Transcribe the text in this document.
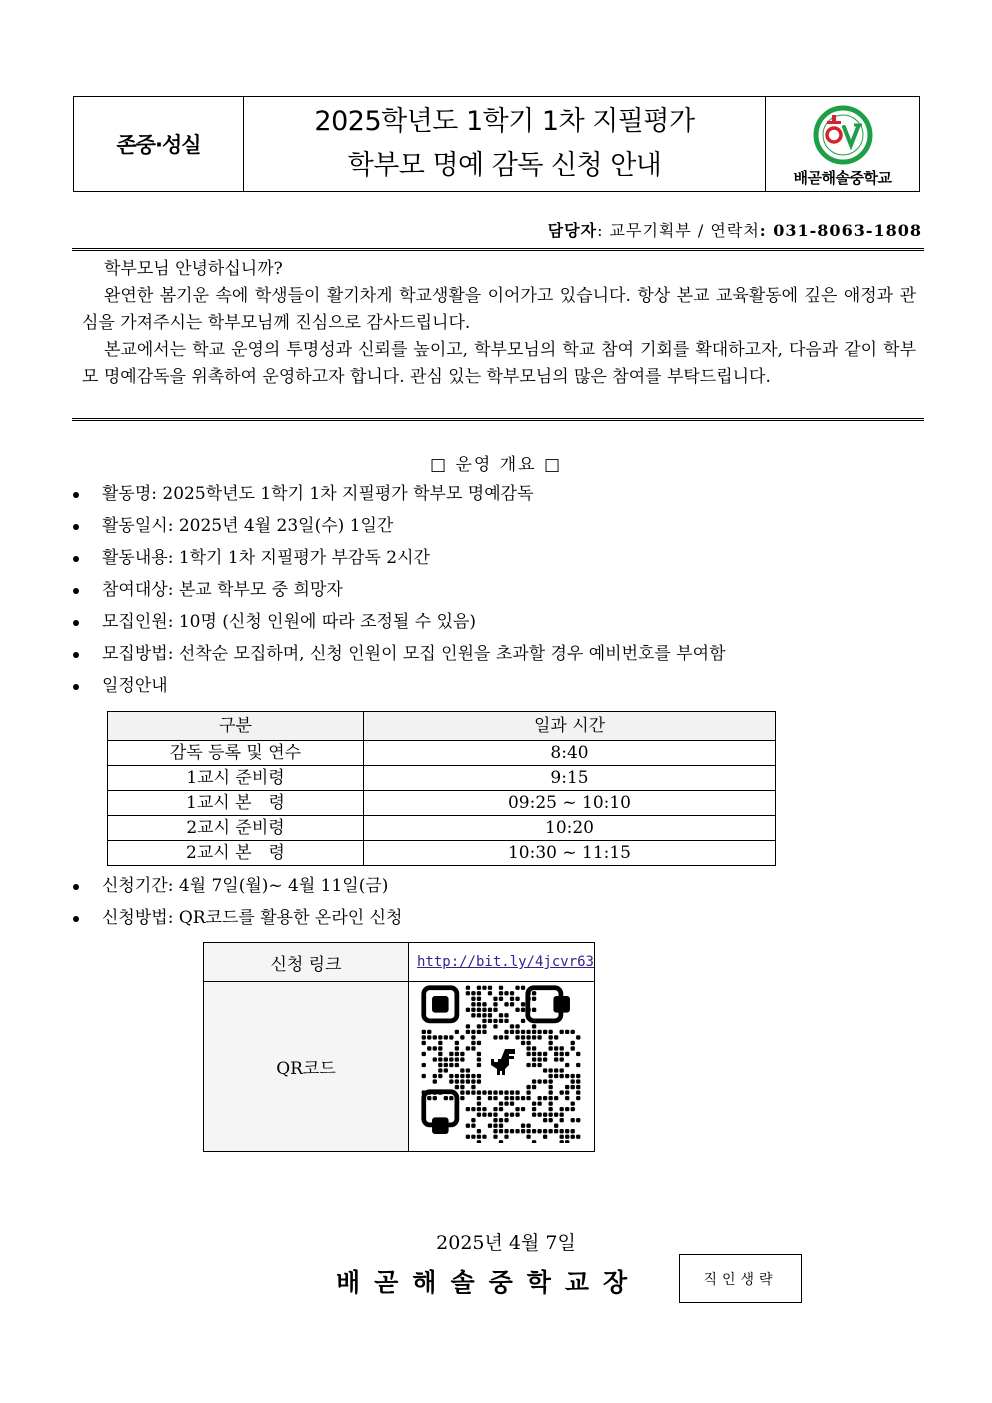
존중·성실
2025학년도 1학기 1차 지필평가
학부모 명예 감독 신청 안내	배곧해솔중학교
담당자: 교무기획부 / 연락처: 031-8063-1808

학부모님 안녕하십니까?

완연한 봄기운 속에 학생들이 활기차게 학교생활을 이어가고 있습니다. 항상 본교 교육활동에 깊은 애정과 관심을 가져주시는 학부모님께 진심으로 감사드립니다.

본교에서는 학교 운영의 투명성과 신뢰를 높이고, 학부모님의 학교 참여 기회를 확대하고자, 다음과 같이 학부모 명예감독을 위촉하여 운영하고자 합니다. 관심 있는 학부모님의 많은 참여를 부탁드립니다.

□ 운영 개요 □
활동명: 2025학년도 1학기 1차 지필평가 학부모 명예감독
활동일시: 2025년 4월 23일(수) 1일간
활동내용: 1학기 1차 지필평가 부감독 2시간
참여대상: 본교 학부모 중 희망자
모집인원: 10명 (신청 인원에 따라 조정될 수 있음)
모집방법: 선착순 모집하며, 신청 인원이 모집 인원을 초과할 경우 예비번호를 부여함
일정안내
구분	일과 시간
감독 등록 및 연수	8:40
1교시 준비령	9:15
1교시 본　령	09:25 ~ 10:10
2교시 준비령	10:20
2교시 본　령	10:30 ~ 11:15
신청기간: 4월 7일(월)~ 4월 11일(금)
신청방법: QR코드를 활용한 온라인 신청
신청 링크	http://bit.ly/4jcvr63
QR코드	
2025년 4월 7일
배곧해솔중학교장	직인생략
